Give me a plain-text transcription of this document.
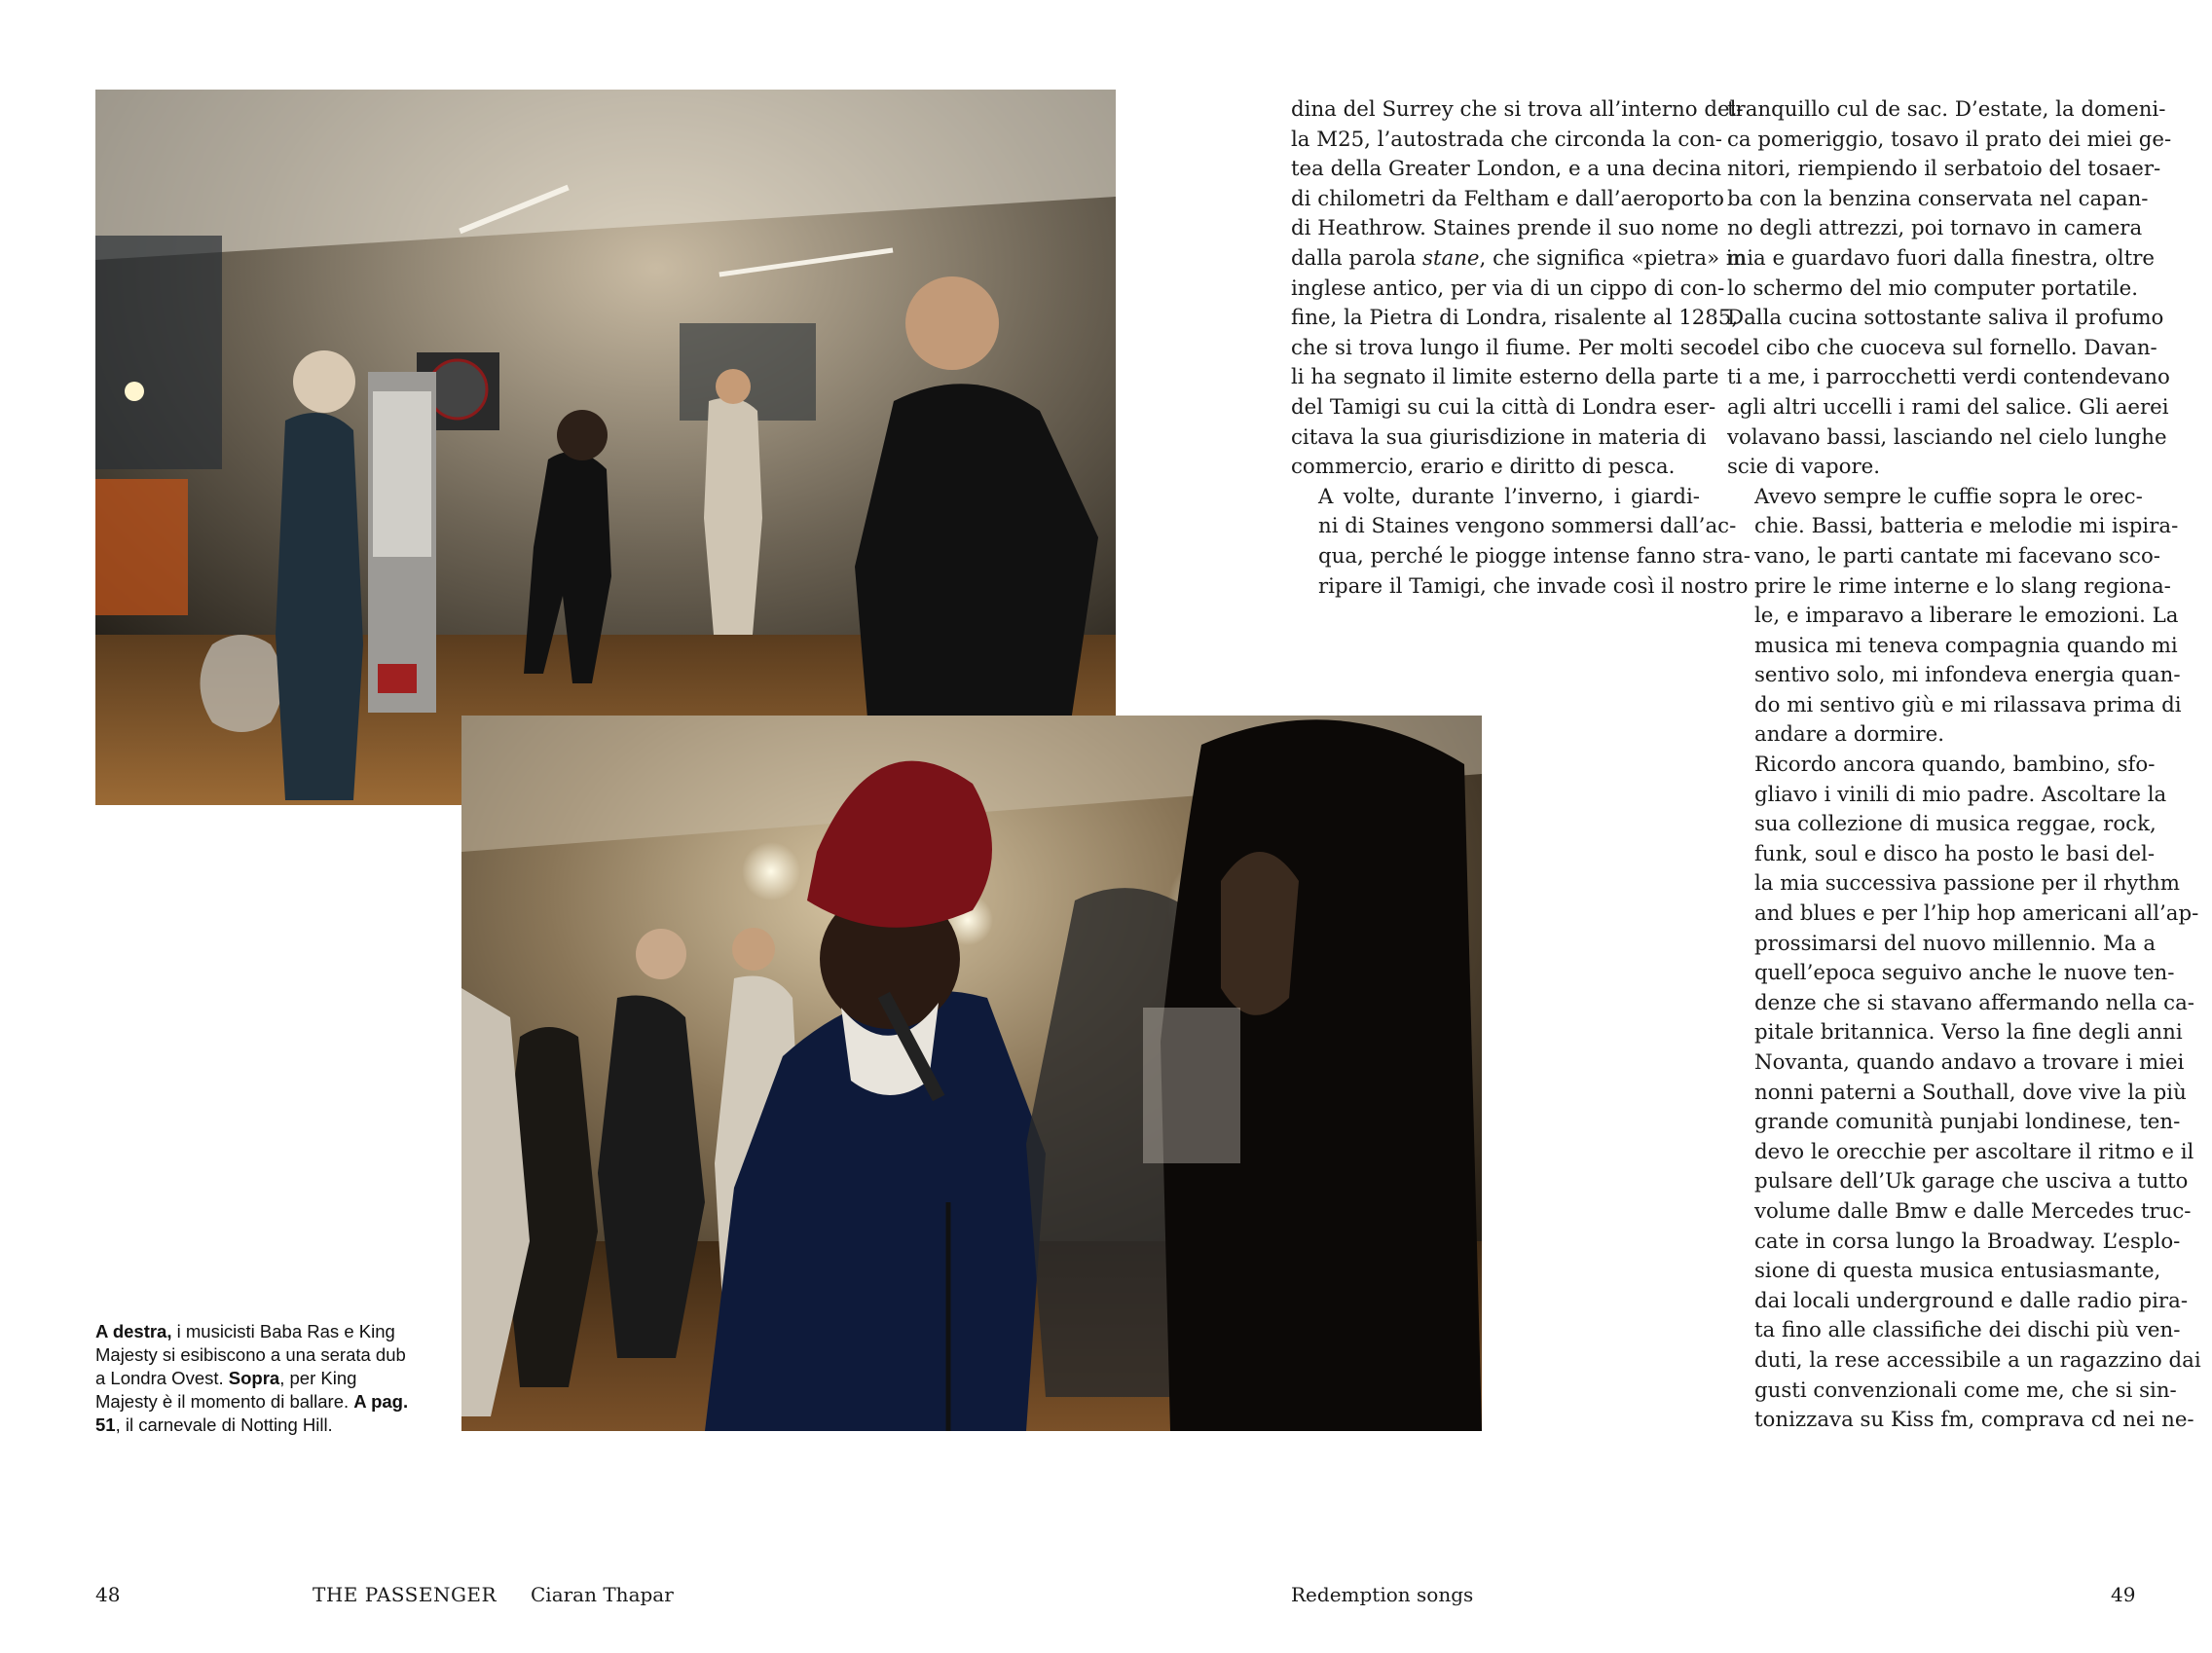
A destra, i musicisti Baba Ras e King Majesty si esibiscono a una serata dub a Londra Ovest. Sopra, per King Majesty è il momento di ballare. A pag. 51, il carnevale di Notting Hill.

dina del Surrey che si trova all’interno del-
la M25, l’autostrada che circonda la con-
tea della Greater London, e a una decina
di chilometri da Feltham e dall’aeroporto
di Heathrow. Staines prende il suo nome
dalla parola stane, che significa «pietra» in
inglese antico, per via di un cippo di con-
fine, la Pietra di Londra, risalente al 1285,
che si trova lungo il fiume. Per molti seco-
li ha segnato il limite esterno della parte
del Tamigi su cui la città di Londra eser-
citava la sua giurisdizione in materia di
commercio, erario e diritto di pesca.

A volte, durante l’inverno, i giardi-
ni di Staines vengono sommersi dall’ac-
qua, perché le piogge intense fanno stra-
ripare il Tamigi, che invade così il nostro

tranquillo cul de sac. D’estate, la domeni-
ca pomeriggio, tosavo il prato dei miei ge-
nitori, riempiendo il serbatoio del tosaer-
ba con la benzina conservata nel capan-
no degli attrezzi, poi tornavo in camera
mia e guardavo fuori dalla finestra, oltre
lo schermo del mio computer portatile.
Dalla cucina sottostante saliva il profumo
del cibo che cuoceva sul fornello. Davan-
ti a me, i parrocchetti verdi contendevano
agli altri uccelli i rami del salice. Gli aerei
volavano bassi, lasciando nel cielo lunghe
scie di vapore.

Avevo sempre le cuffie sopra le orec-
chie. Bassi, batteria e melodie mi ispira-
vano, le parti cantate mi facevano sco-
prire le rime interne e lo slang regiona-
le, e imparavo a liberare le emozioni. La
musica mi teneva compagnia quando mi
sentivo solo, mi infondeva energia quan-
do mi sentivo giù e mi rilassava prima di
andare a dormire.

Ricordo ancora quando, bambino, sfo-
gliavo i vinili di mio padre. Ascoltare la
sua collezione di musica reggae, rock,
funk, soul e disco ha posto le basi del-
la mia successiva passione per il rhythm
and blues e per l’hip hop americani all’ap-
prossimarsi del nuovo millennio. Ma a
quell’epoca seguivo anche le nuove ten-
denze che si stavano affermando nella ca-
pitale britannica. Verso la fine degli anni
Novanta, quando andavo a trovare i miei
nonni paterni a Southall, dove vive la più
grande comunità punjabi londinese, ten-
devo le orecchie per ascoltare il ritmo e il
pulsare dell’Uk garage che usciva a tutto
volume dalle Bmw e dalle Mercedes truc-
cate in corsa lungo la Broadway. L’esplo-
sione di questa musica entusiasmante,
dai locali underground e dalle radio pira-
ta fino alle classifiche dei dischi più ven-
duti, la rese accessibile a un ragazzino dai
gusti convenzionali come me, che si sin-
tonizzava su Kiss fm, comprava cd nei ne-

48	THE PASSENGER Ciaran Thapar	Redemption songs	49
